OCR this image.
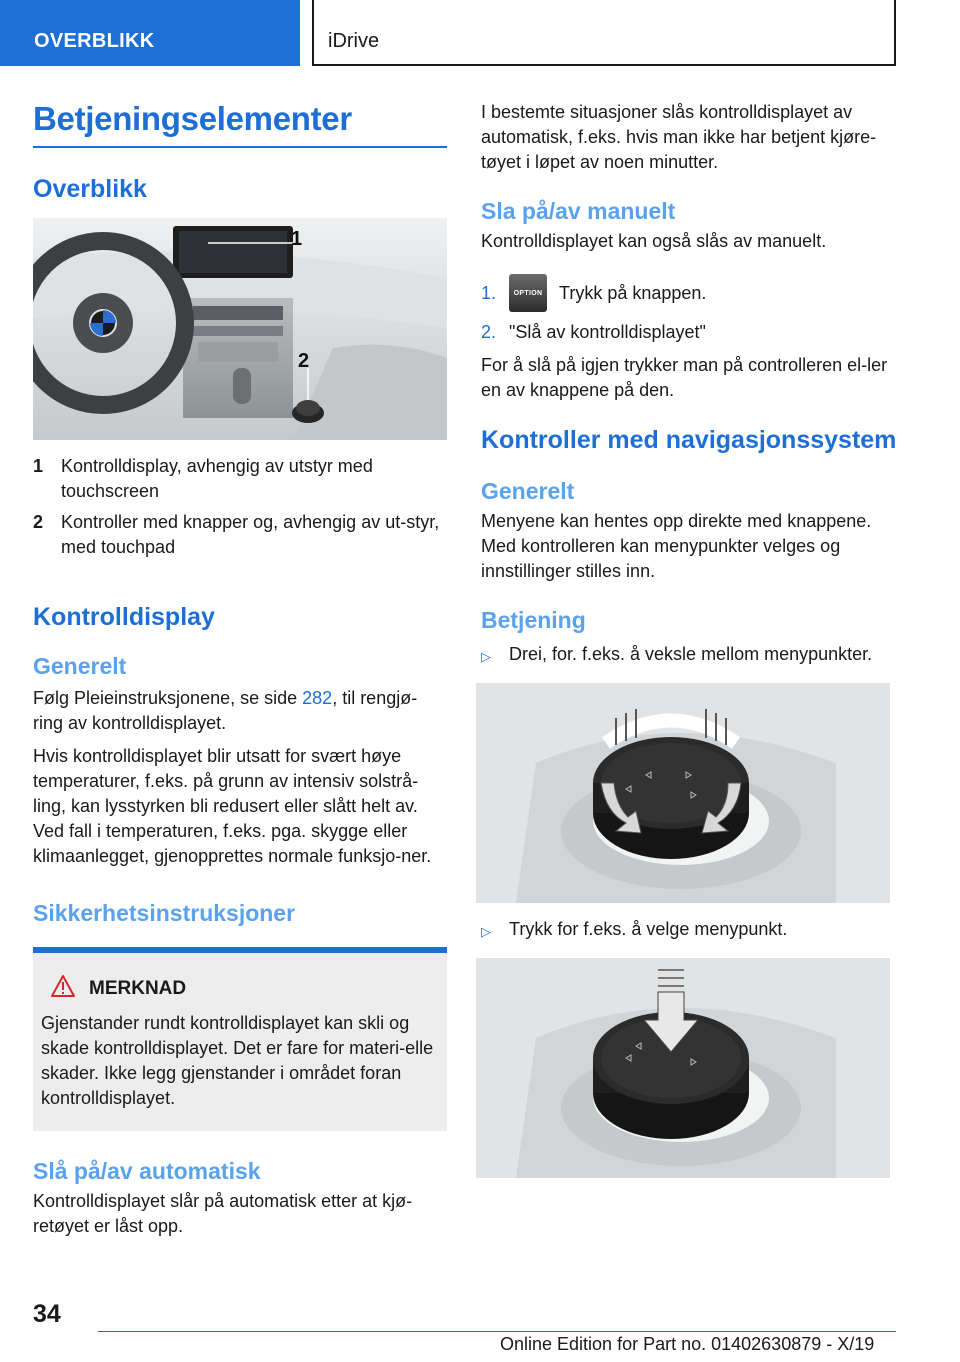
OVERBLIKK	iDrive
Betjeningselementer
Overblikk
1
2
1 Kontrolldisplay, avhengig av utstyr med touchscreen
2 Kontroller med knapper og, avhengig av ut-styr, med touchpad
Kontrolldisplay
Generelt

Følg Pleieinstruksjonene, se side 282, til rengjø-ring av kontrolldisplayet.

Hvis kontrolldisplayet blir utsatt for svært høye temperaturer, f.eks. på grunn av intensiv solstrå-ling, kan lysstyrken bli redusert eller slått helt av. Ved fall i temperaturen, f.eks. pga. skygge eller klimaanlegget, gjenopprettes normale funksjo-ner.

Sikkerhetsinstruksjoner
MERKNAD

Gjenstander rundt kontrolldisplayet kan skli og skade kontrolldisplayet. Det er fare for materi-elle skader. Ikke legg gjenstander i området foran kontrolldisplayet.

Slå på/av automatisk

Kontrolldisplayet slår på automatisk etter at kjø-retøyet er låst opp.

I bestemte situasjoner slås kontrolldisplayet av automatisk, f.eks. hvis man ikke har betjent kjøre-tøyet i løpet av noen minutter.

Sla på/av manuelt

Kontrolldisplayet kan også slås av manuelt.

1.	OPTION Trykk på knappen.
2. "Slå av kontrolldisplayet"

For å slå på igjen trykker man på controlleren el-ler en av knappene på den.

Kontroller med navigasjonssystem
Generelt

Menyene kan hentes opp direkte med knappene. Med kontrolleren kan menypunkter velges og innstillinger stilles inn.

Betjening
▷	Drei, for. f.eks. å veksle mellom menypunkter.
▷	Trykk for f.eks. å velge menypunkt.
34
Online Edition for Part no. 01402630879 - X/19
